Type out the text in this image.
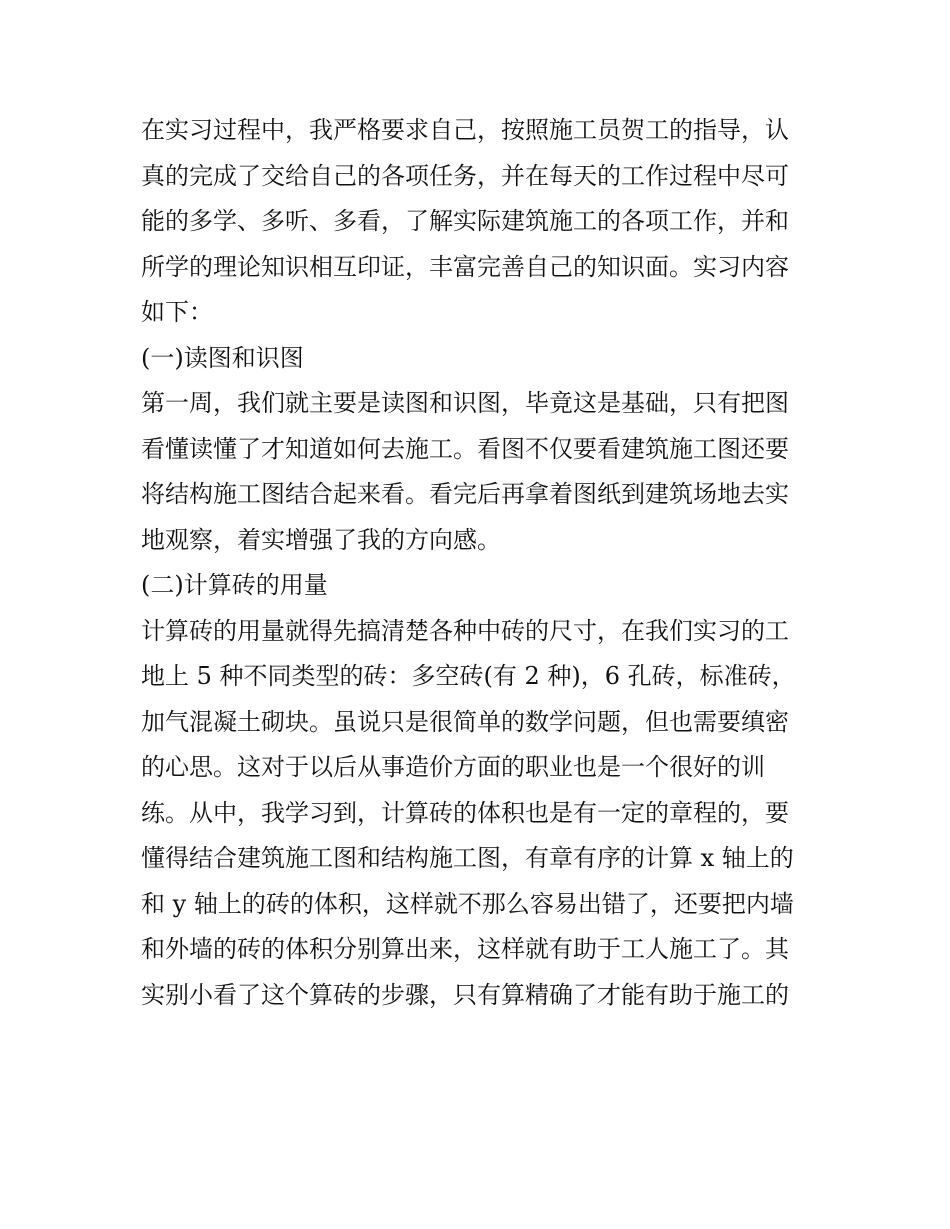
在实习过程中，我严格要求自己，按照施工员贺工的指导，认
真的完成了交给自己的各项任务，并在每天的工作过程中尽可
能的多学、多听、多看，了解实际建筑施工的各项工作，并和
所学的理论知识相互印证，丰富完善自己的知识面。实习内容
如下：
(一)读图和识图
第一周，我们就主要是读图和识图，毕竟这是基础，只有把图
看懂读懂了才知道如何去施工。看图不仅要看建筑施工图还要
将结构施工图结合起来看。看完后再拿着图纸到建筑场地去实
地观察，着实增强了我的方向感。
(二)计算砖的用量
计算砖的用量就得先搞清楚各种中砖的尺寸，在我们实习的工
地上 5 种不同类型的砖：多空砖(有 2 种)，6 孔砖，标准砖，
加气混凝土砌块。虽说只是很简单的数学问题，但也需要缜密
的心思。这对于以后从事造价方面的职业也是一个很好的训
练。从中，我学习到，计算砖的体积也是有一定的章程的，要
懂得结合建筑施工图和结构施工图，有章有序的计算 x 轴上的
和 y 轴上的砖的体积，这样就不那么容易出错了，还要把内墙
和外墙的砖的体积分别算出来，这样就有助于工人施工了。其
实别小看了这个算砖的步骤，只有算精确了才能有助于施工的
